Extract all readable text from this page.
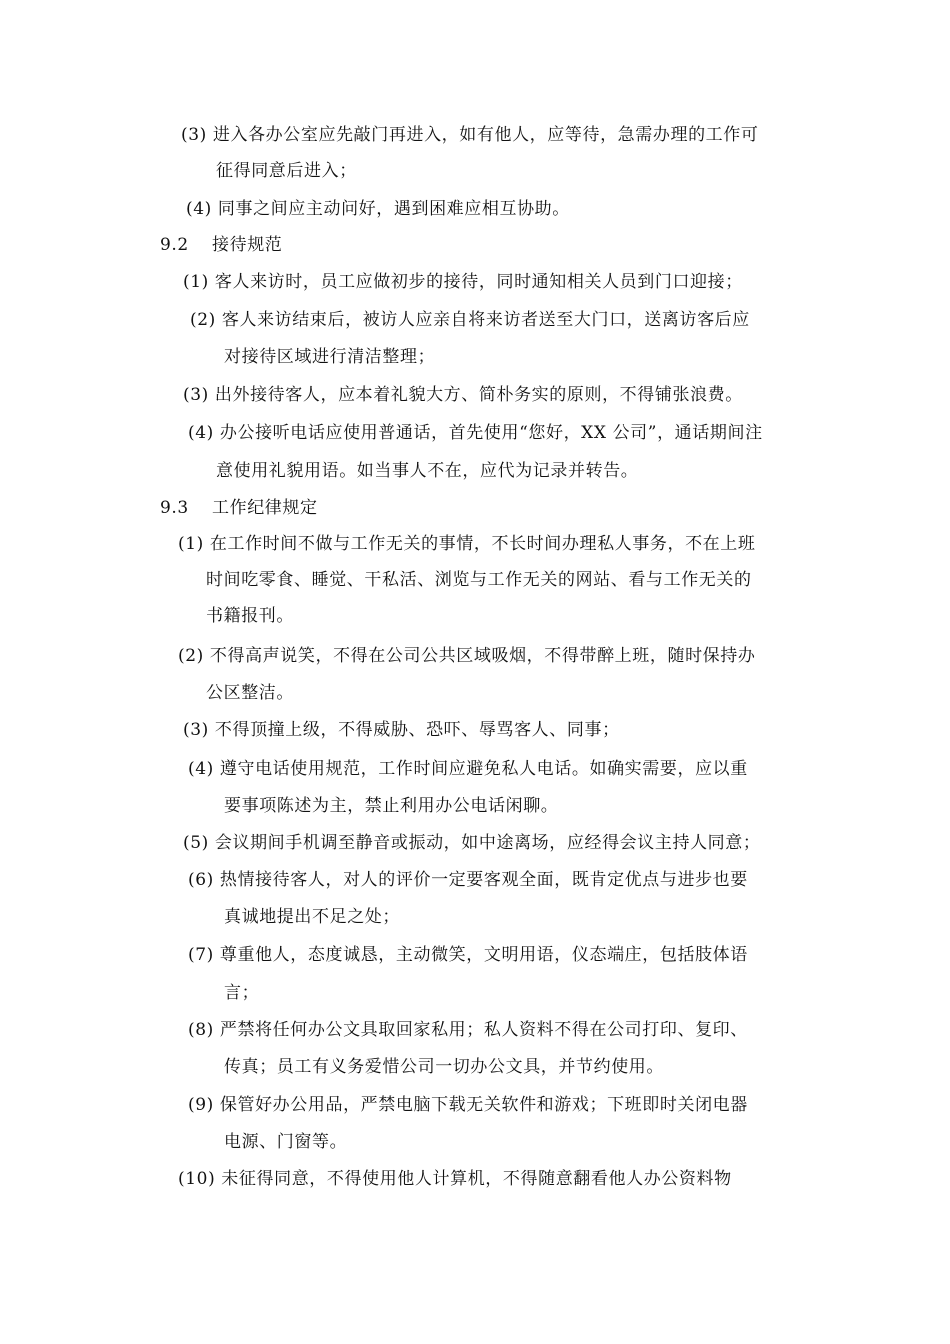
(3) 进入各办公室应先敲门再进入，如有他人，应等待，急需办理的工作可
征得同意后进入；
(4) 同事之间应主动问好，遇到困难应相互协助。
9.2 接待规范
(1) 客人来访时，员工应做初步的接待，同时通知相关人员到门口迎接；
(2) 客人来访结束后，被访人应亲自将来访者送至大门口，送离访客后应
对接待区域进行清洁整理；
(3) 出外接待客人，应本着礼貌大方、简朴务实的原则，不得铺张浪费。
(4) 办公接听电话应使用普通话，首先使用“您好，XX 公司”，通话期间注
意使用礼貌用语。如当事人不在，应代为记录并转告。
9.3 工作纪律规定
(1) 在工作时间不做与工作无关的事情，不长时间办理私人事务，不在上班
时间吃零食、睡觉、干私活、浏览与工作无关的网站、看与工作无关的
书籍报刊。
(2) 不得高声说笑，不得在公司公共区域吸烟，不得带醉上班，随时保持办
公区整洁。
(3) 不得顶撞上级，不得威胁、恐吓、辱骂客人、同事；
(4) 遵守电话使用规范，工作时间应避免私人电话。如确实需要，应以重
要事项陈述为主，禁止利用办公电话闲聊。
(5) 会议期间手机调至静音或振动，如中途离场，应经得会议主持人同意；
(6) 热情接待客人，对人的评价一定要客观全面，既肯定优点与进步也要
真诚地提出不足之处；
(7) 尊重他人，态度诚恳，主动微笑，文明用语，仪态端庄，包括肢体语
言；
(8) 严禁将任何办公文具取回家私用；私人资料不得在公司打印、复印、
传真；员工有义务爱惜公司一切办公文具，并节约使用。
(9) 保管好办公用品，严禁电脑下载无关软件和游戏；下班即时关闭电器
电源、门窗等。
(10) 未征得同意，不得使用他人计算机，不得随意翻看他人办公资料物
